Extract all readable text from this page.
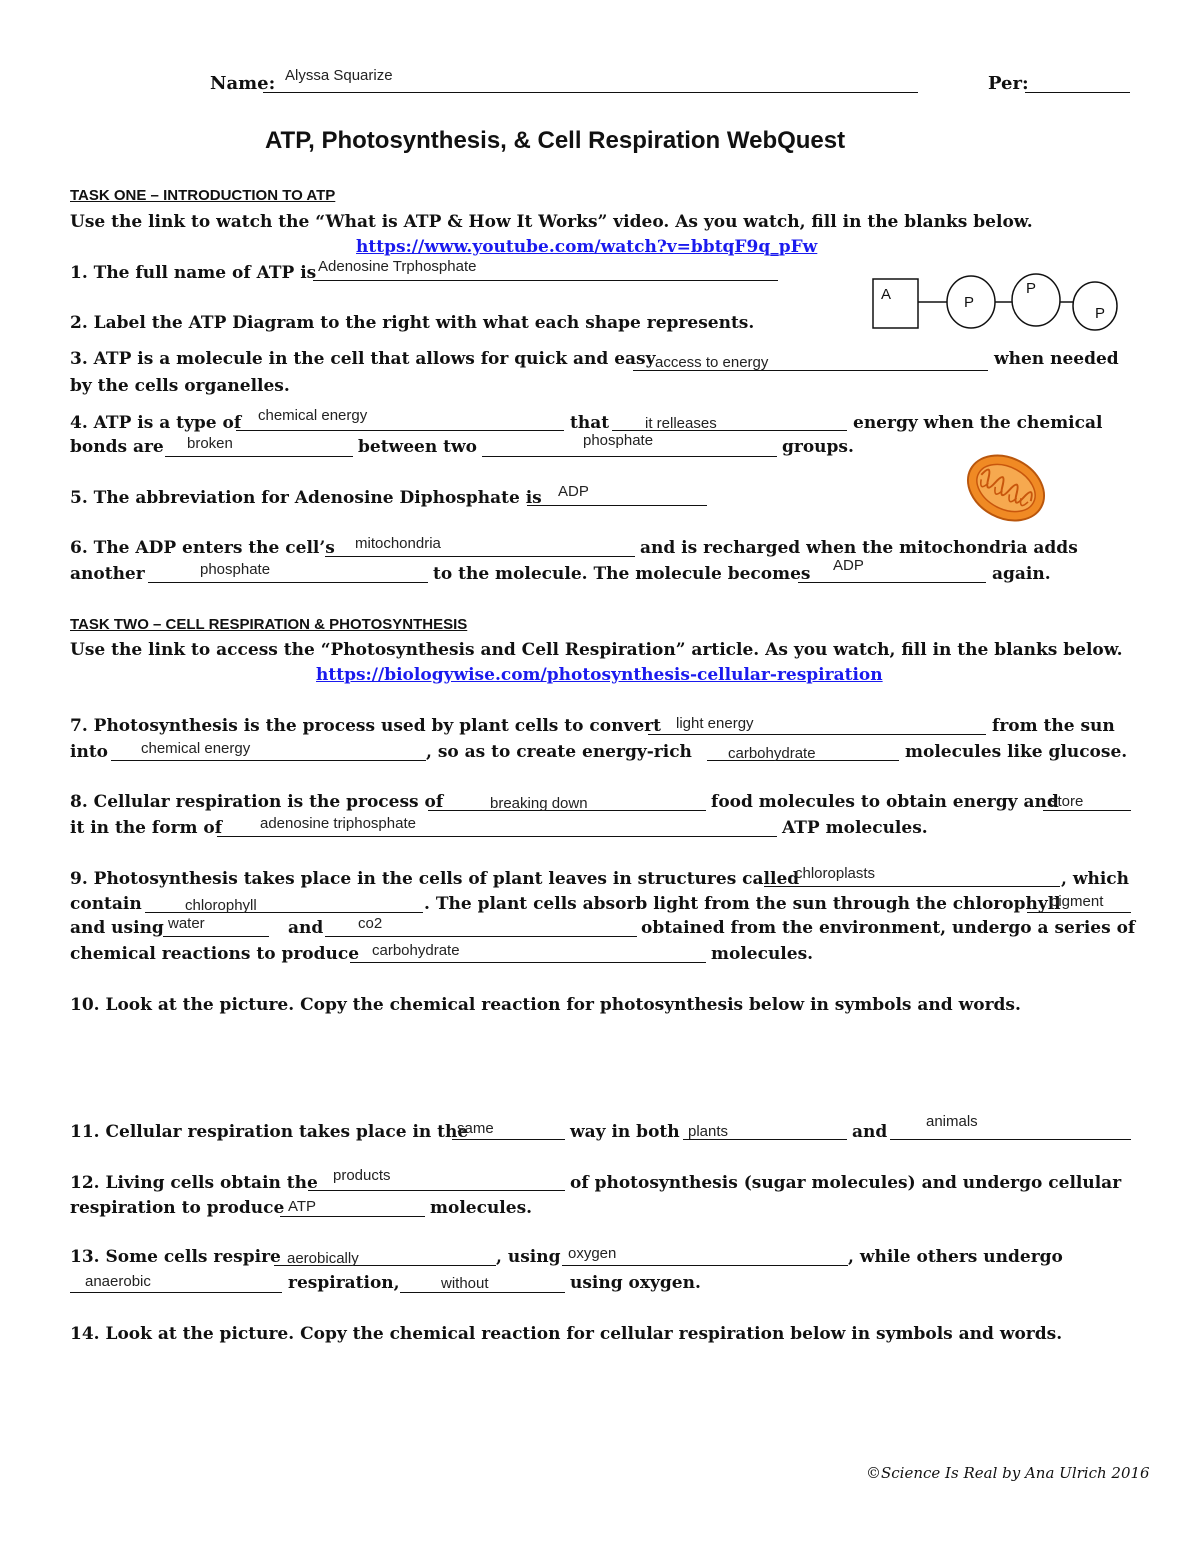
Name: Alyssa Squarize	Per:
ATP, Photosynthesis, & Cell Respiration WebQuest
TASK ONE – INTRODUCTION TO ATP
Use the link to watch the “What is ATP & How It Works” video. As you watch, fill in the blanks below.
https://www.youtube.com/watch?v=bbtqF9q_pFw
1. The full name of ATP is Adenosine Trphosphate
A	P
P
P
2. Label the ATP Diagram to the right with what each shape represents.
3. ATP is a molecule in the cell that allows for quick and easy access to energy	when needed
by the cells organelles.
4. ATP is a type of chemical energy	that it relleases	energy when the chemical
bonds are broken	between two	phosphate	groups.
5. The abbreviation for Adenosine Diphosphate is ADP
6. The ADP enters the cell’s mitochondria	and is recharged when the mitochondria adds
another	phosphate	to the molecule. The molecule becomes ADP	again.
TASK TWO – CELL RESPIRATION & PHOTOSYNTHESIS
Use the link to access the “Photosynthesis and Cell Respiration” article. As you watch, fill in the blanks below.
https://biologywise.com/photosynthesis-cellular-respiration
7. Photosynthesis is the process used by plant cells to convert light energy	from the sun
into chemical energy	, so as to create energy-rich carbohydrate	molecules like glucose.
8. Cellular respiration is the process of	breaking down	food molecules to obtain energy and
store
it in the form of	adenosine triphosphate	ATP molecules.
9. Photosynthesis takes place in the cells of plant leaves in structures called
chloroplasts	, which
contain	chlorophyll	. The plant cells absorb light from the sun through the chlorophyll
pigment
and using water	and co2	obtained from the environment, undergo a series of
chemical reactions to produce carbohydrate	molecules.
10. Look at the picture. Copy the chemical reaction for photosynthesis below in symbols and words.
11. Cellular respiration takes place in the
same	way in both plants	and
animals
12. Living cells obtain the products	of photosynthesis (sugar molecules) and undergo cellular
respiration to produce ATP	molecules.
13. Some cells respire aerobically	, using oxygen	, while others undergo
anaerobic	respiration,	without	using oxygen.
14. Look at the picture. Copy the chemical reaction for cellular respiration below in symbols and words.
©Science Is Real by Ana Ulrich 2016
